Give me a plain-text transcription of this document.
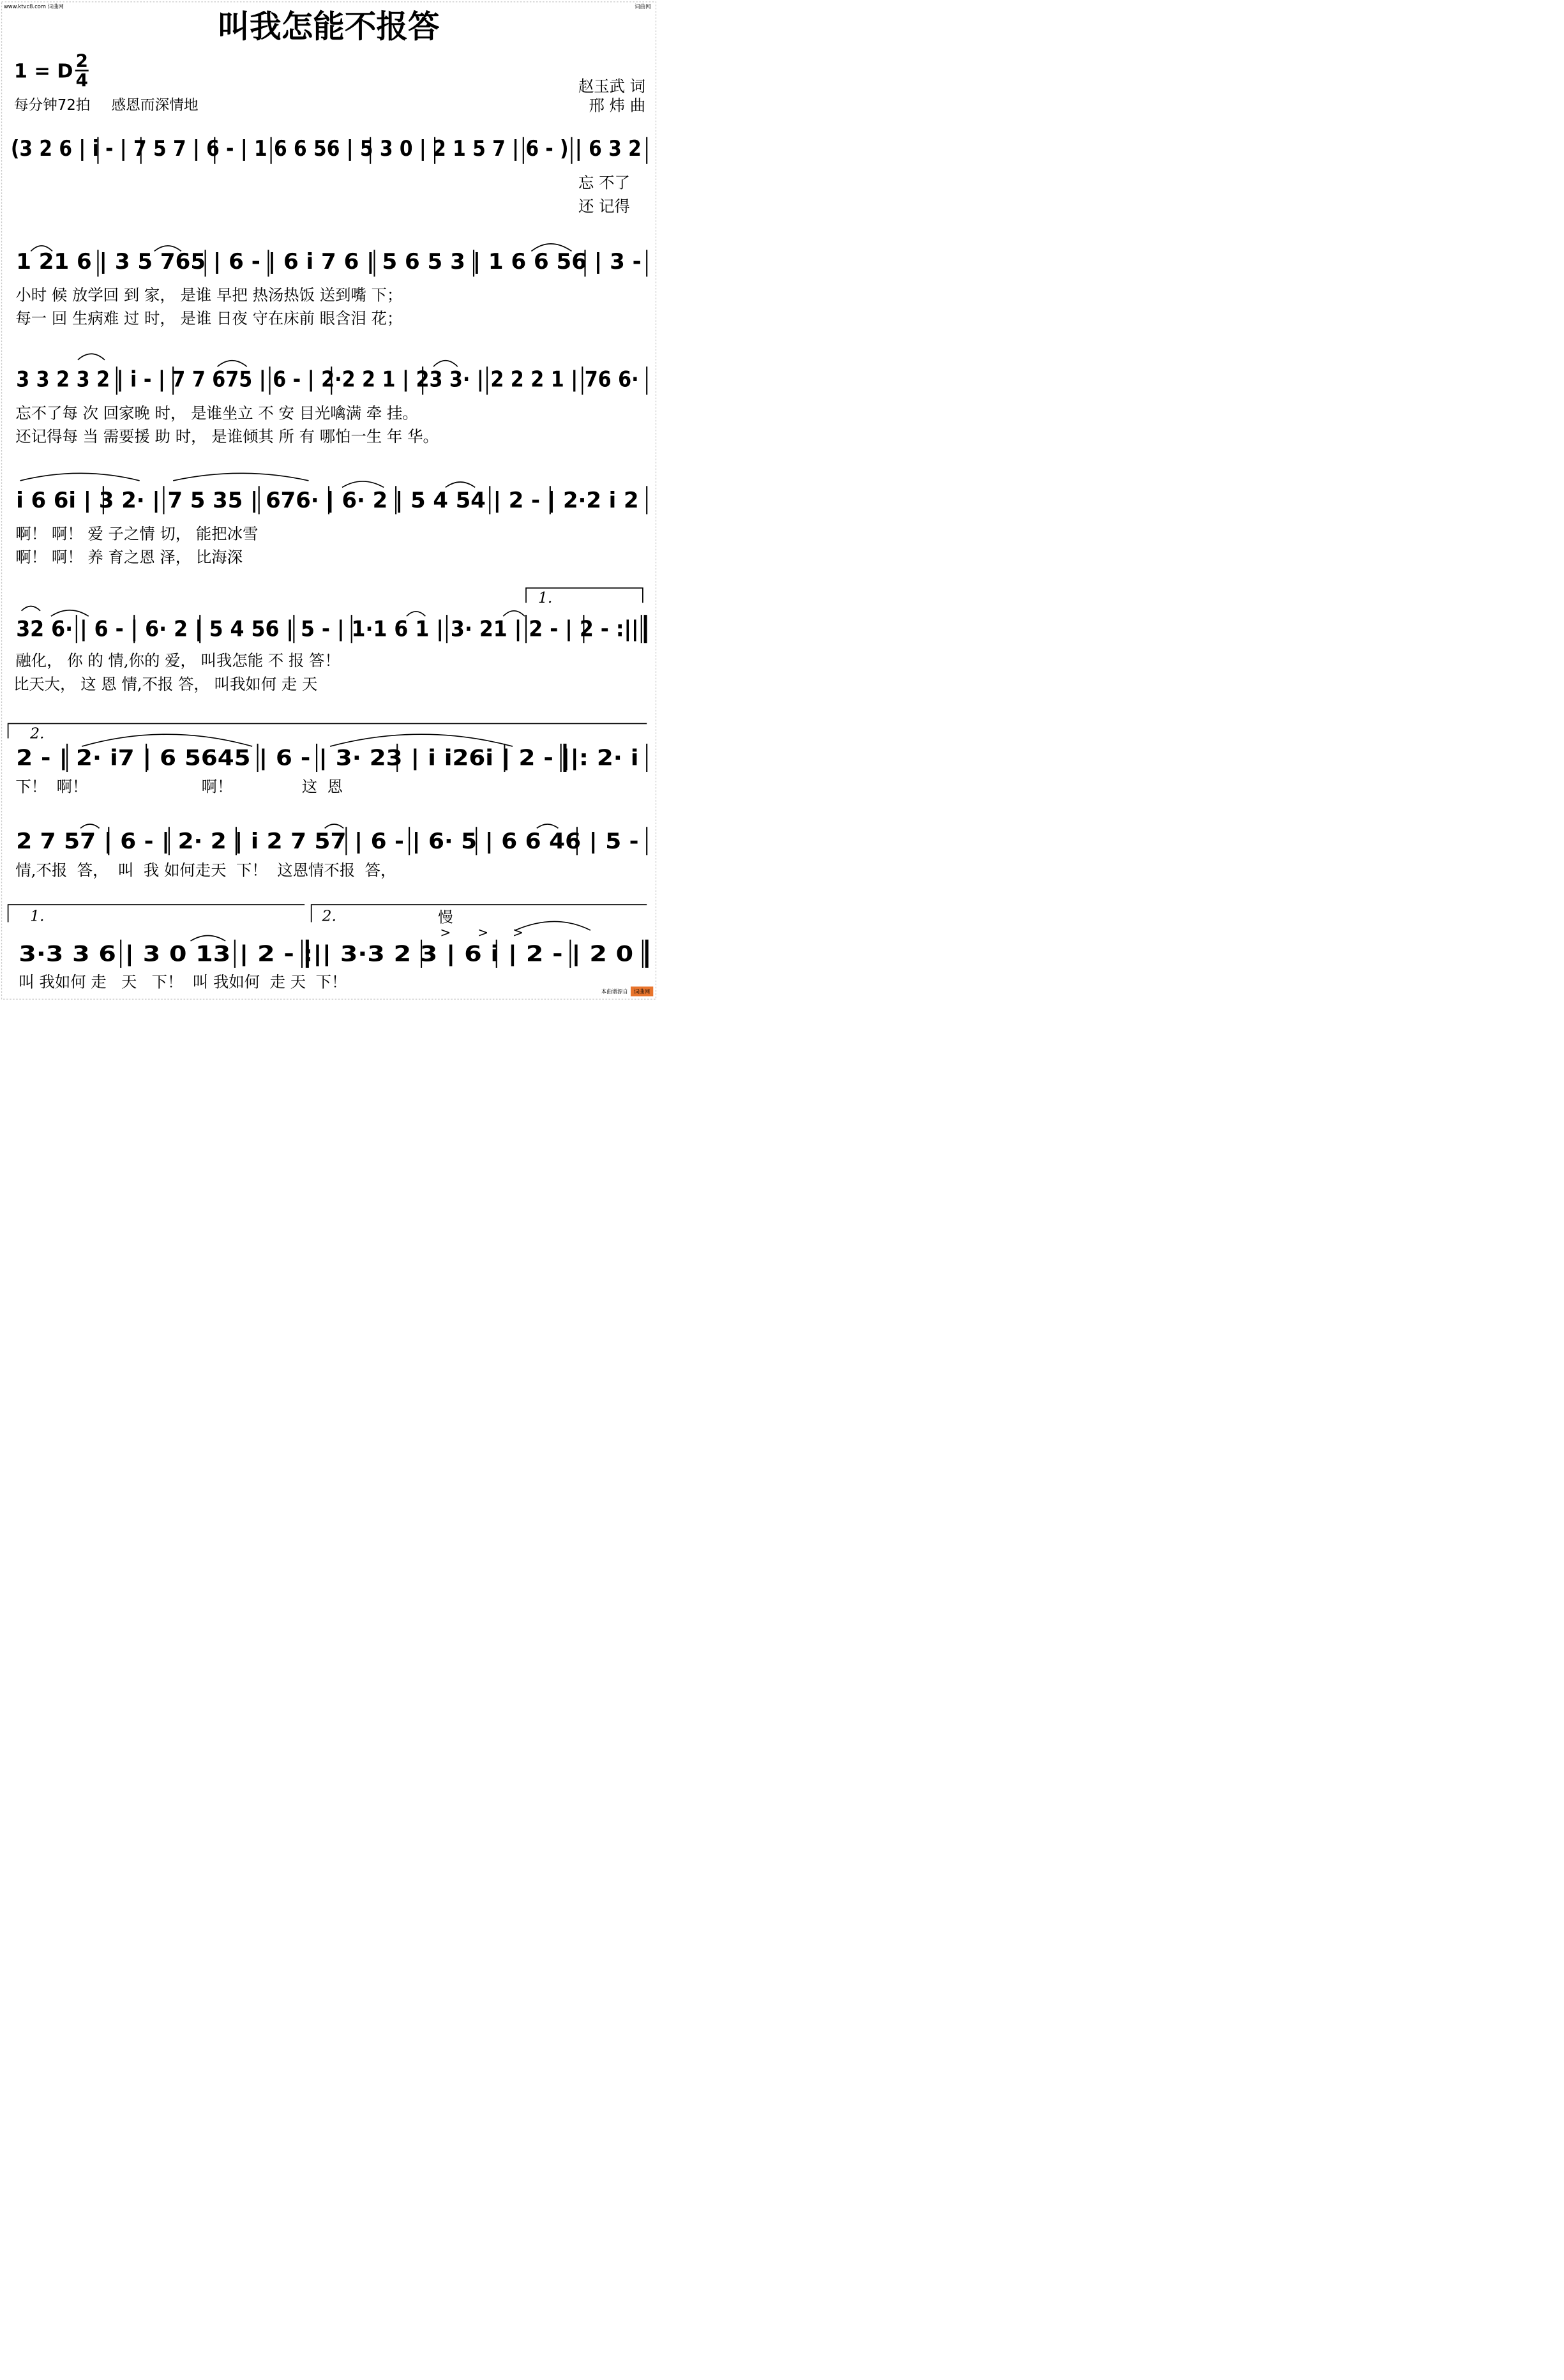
www.ktvc8.com 词曲网
叫我怎能不报答
1 = D 2
4
每分钟72拍 感恩而深情地
赵玉武 词
邢 炜 曲
(3 2 6 | i - | 7 5 7 | 6 - | 1 6 6 56 | 5 3 0 | 2 1 5 7 | 6 - ) | 6 3 2
忘 不了
还 记得
1 21 6 | 3 5 765 | 6 - | 6 i 7 6 | 5 6 5 3 | 1 6 6 56 | 3 -
小时 候 放学回 到 家， 是谁 早把 热汤热饭 送到嘴 下；
每一 回 生病难 过 时， 是谁 日夜 守在床前 眼含泪 花；
3 3 2 3 2 | i - | 7 7 675 | 6 - | 2·2 2 1 | 23 3· | 2 2 2 1 | 76 6·
忘不了每 次 回家晚 时， 是谁坐立 不 安 目光噙满 牵 挂。
还记得每 当 需要援 助 时， 是谁倾其 所 有 哪怕一生 年 华。
i 6 6i | 3 2· | 7 5 35 | 676· | 6· 2 | 5 4 54 | 2 - | 2·2 i 2
啊！ 啊！ 爱 子之情 切， 能把冰雪
啊！ 啊！ 养 育之恩 泽， 比海深
1.
32 6· | 6 - | 6· 2 | 5 4 56 | 5 - | 1·1 6 1 | 3· 21 | 2 - | 2 - :||
融化， 你 的 情,你的 爱， 叫我怎能 不 报 答！
比天大， 这 恩 情,不报 答， 叫我如何 走 天
2.
2 - | 2· i7 | 6 5645 | 6 - | 3· 23 | i i26i | 2 - ||: 2· i
下！  啊！                       啊！              这  恩
2 7 57 | 6 - | 2· 2 | i 2 7 57 | 6 - | 6· 5 | 6 6 46 | 5 -
情,不报  答，  叫  我 如何走天  下！  这恩情不报  答，
1.	2.	慢
> > >
3·3 3 6 | 3 0 13 | 2 - :|| 3·3 2 3 | 6 i | 2 - | 2 0
叫 我如何 走   天   下！  叫 我如何  走 天  下！
本曲谱源自 词曲网
词曲网
